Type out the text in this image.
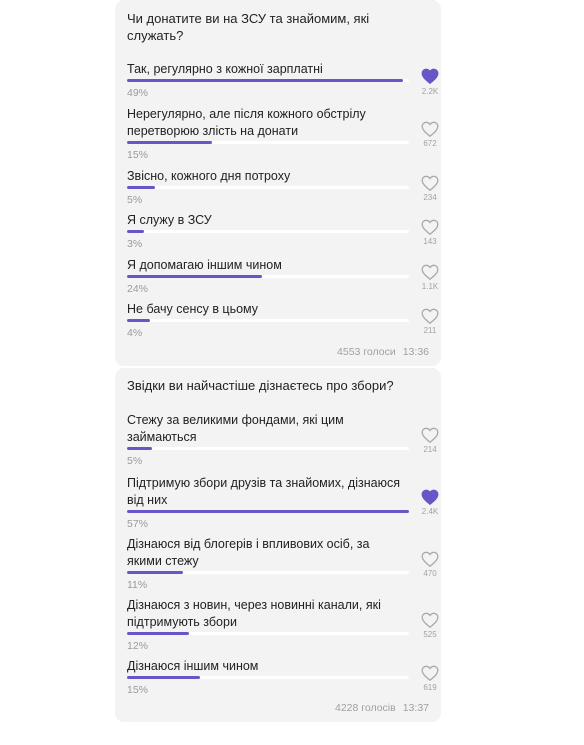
Чи донатите ви на ЗСУ та знайомим, які служать?
Так, регулярно з кожної зарплатні
49%	2.2K
Нерегулярно, але після кожного обстрілу перетворюю злість на донати
15%
672
Звісно, кожного дня потроху
5%	234
Я служу в ЗСУ
3%	143
Я допомагаю іншим чином
24%	1.1K
Не бачу сенсу в цьому
4%	211
4553 голоси 13:36
Звідки ви найчастіше дізнаєтесь про збори?
Стежу за великими фондами, які цим займаються
5%
214
Підтримую збори друзів та знайомих, дізнаюся від них
57%
2.4K
Дізнаюся від блогерів і впливових осіб, за якими стежу
11%
470
Дізнаюся з новин, через новинні канали, які підтримують збори
12%
525
Дізнаюся іншим чином
15%	619
4228 голосів 13:37
